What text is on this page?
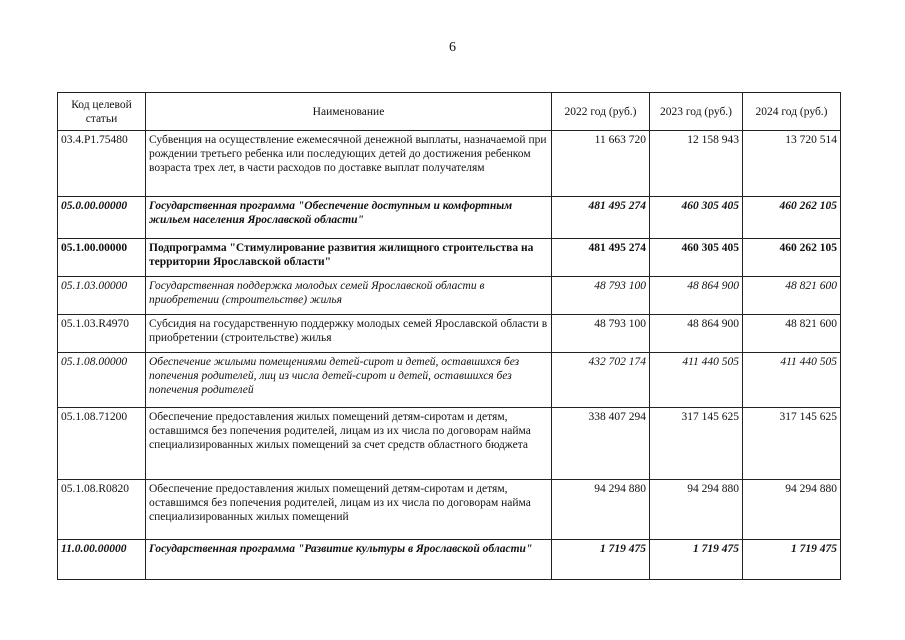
6
Код целевой статьи	Наименование	2022 год (руб.)	2023 год (руб.)	2024 год (руб.)
03.4.P1.75480	Субвенция на осуществление ежемесячной денежной выплаты, назначаемой при рождении третьего ребенка или последующих детей до достижения ребенком возраста трех лет, в части расходов по доставке выплат получателям	11 663 720	12 158 943	13 720 514
05.0.00.00000	Государственная программа "Обеспечение доступным и комфортным жильем населения Ярославской области"	481 495 274	460 305 405	460 262 105
05.1.00.00000	Подпрограмма "Стимулирование развития жилищного строительства на территории Ярославской области"	481 495 274	460 305 405	460 262 105
05.1.03.00000	Государственная поддержка молодых семей Ярославской области в приобретении (строительстве) жилья	48 793 100	48 864 900	48 821 600
05.1.03.R4970	Субсидия на государственную поддержку молодых семей Ярославской области в приобретении (строительстве) жилья	48 793 100	48 864 900	48 821 600
05.1.08.00000	Обеспечение жилыми помещениями детей-сирот и детей, оставшихся без попечения родителей, лиц из числа детей-сирот и детей, оставшихся без попечения родителей	432 702 174	411 440 505	411 440 505
05.1.08.71200	Обеспечение предоставления жилых помещений детям-сиротам и детям, оставшимся без попечения родителей, лицам из их числа по договорам найма специализированных жилых помещений за счет средств областного бюджета	338 407 294	317 145 625	317 145 625
05.1.08.R0820	Обеспечение предоставления жилых помещений детям-сиротам и детям, оставшимся без попечения родителей, лицам из их числа по договорам найма специализированных жилых помещений	94 294 880	94 294 880	94 294 880
11.0.00.00000	Государственная программа "Развитие культуры в Ярославской области"	1 719 475	1 719 475	1 719 475
